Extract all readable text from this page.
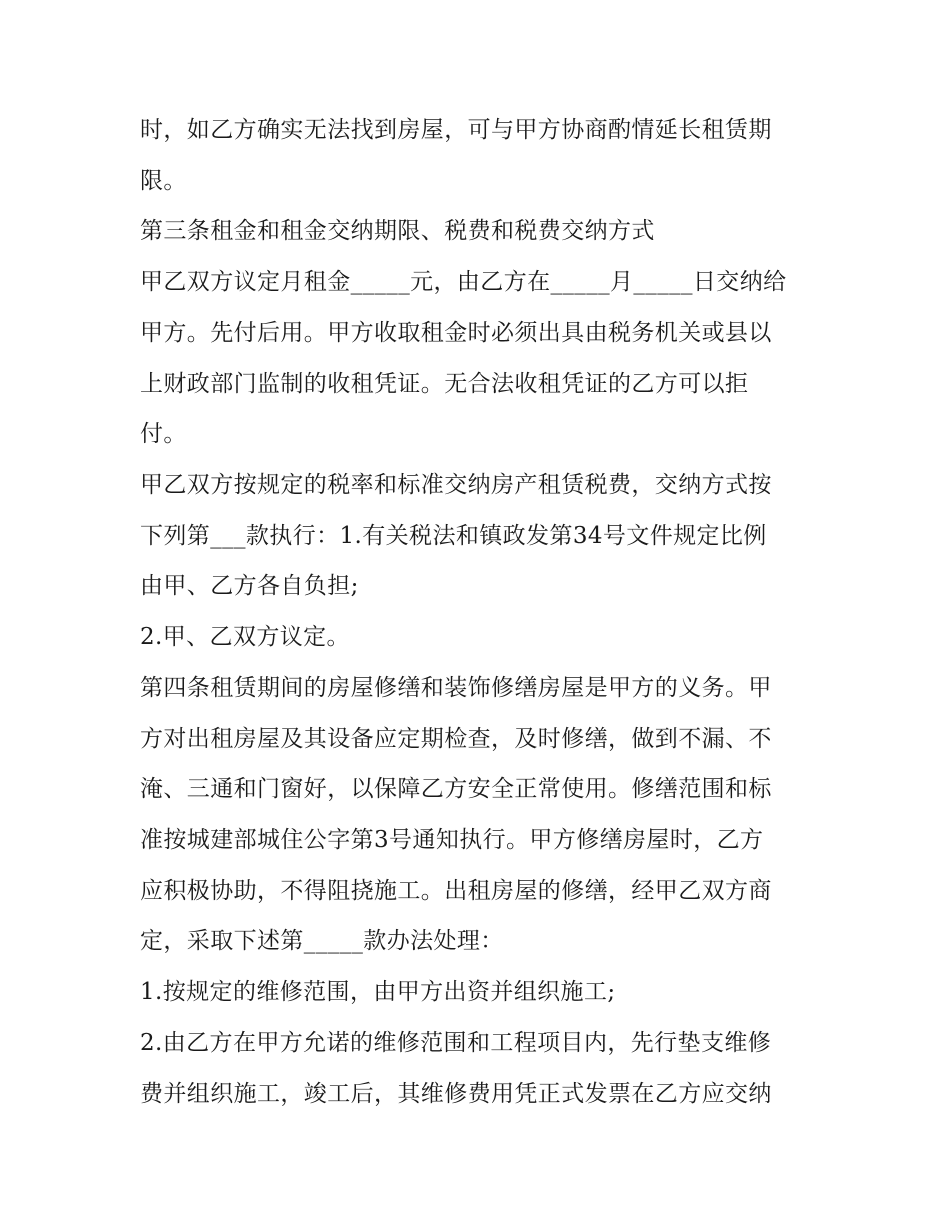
时，如乙方确实无法找到房屋，可与甲方协商酌情延长租赁期
限。
第三条租金和租金交纳期限、税费和税费交纳方式
甲乙双方议定月租金_____元，由乙方在_____月_____日交纳给
甲方。先付后用。甲方收取租金时必须出具由税务机关或县以
上财政部门监制的收租凭证。无合法收租凭证的乙方可以拒
付。
甲乙双方按规定的税率和标准交纳房产租赁税费，交纳方式按
下列第___款执行：1.有关税法和镇政发第34号文件规定比例
由甲、乙方各自负担;
2.甲、乙双方议定。
第四条租赁期间的房屋修缮和装饰修缮房屋是甲方的义务。甲
方对出租房屋及其设备应定期检查，及时修缮，做到不漏、不
淹、三通和门窗好，以保障乙方安全正常使用。修缮范围和标
准按城建部城住公字第3号通知执行。甲方修缮房屋时，乙方
应积极协助，不得阻挠施工。出租房屋的修缮，经甲乙双方商
定，采取下述第_____款办法处理：
1.按规定的维修范围，由甲方出资并组织施工;
2.由乙方在甲方允诺的维修范围和工程项目内，先行垫支维修
费并组织施工，竣工后，其维修费用凭正式发票在乙方应交纳
